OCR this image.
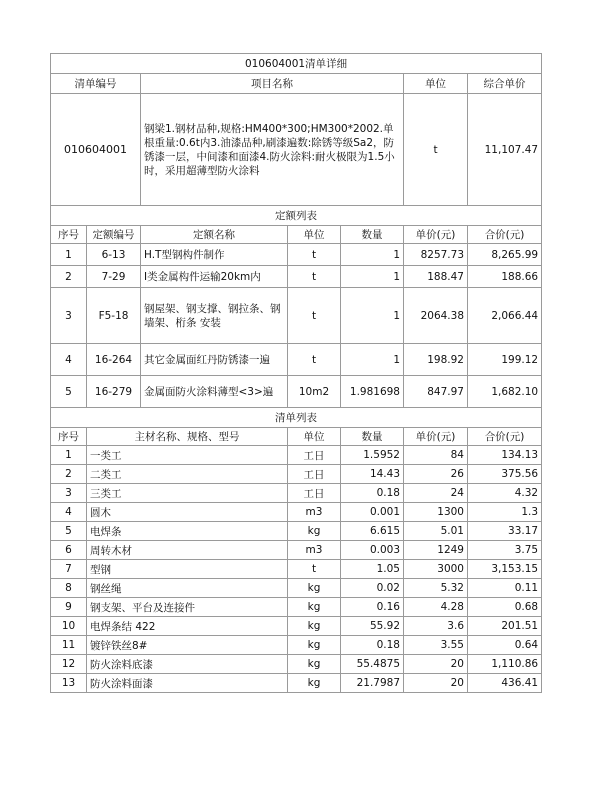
010604001清单详细						
清单编号		项目名称			单位	综合单价
010604001		钢梁1.钢材品种,规格:HM400*300;HM300*2002.单根重量:0.6t内3.油漆品种,刷漆遍数:除锈等级Sa2，防锈漆一层，中间漆和面漆4.防火涂料:耐火极限为1.5小时，采用超薄型防火涂料			t	11,107.47
定额列表						
序号	定额编号	定额名称	单位	数量	单价(元)	合价(元)
1	6-13	H.T型钢构件制作	t	1	8257.73	8,265.99
2	7-29	Ⅰ类金属构件运输20km内	t	1	188.47	188.66
3	F5-18	钢屋架、钢支撑、钢拉条、钢墙架、桁条 安装	t	1	2064.38	2,066.44
4	16-264	其它金属面红丹防锈漆一遍	t	1	198.92	199.12
5	16-279	金属面防火涂料薄型<3>遍	10m2	1.981698	847.97	1,682.10
清单列表						
序号	主材名称、规格、型号		单位	数量	单价(元)	合价(元)
1	一类工		工日	1.5952	84	134.13
2	二类工		工日	14.43	26	375.56
3	三类工		工日	0.18	24	4.32
4	圆木		m3	0.001	1300	1.3
5	电焊条		kg	6.615	5.01	33.17
6	周转木材		m3	0.003	1249	3.75
7	型钢		t	1.05	3000	3,153.15
8	钢丝绳		kg	0.02	5.32	0.11
9	钢支架、平台及连接件		kg	0.16	4.28	0.68
10	电焊条结 422		kg	55.92	3.6	201.51
11	镀锌铁丝8#		kg	0.18	3.55	0.64
12	防火涂料底漆		kg	55.4875	20	1,110.86
13	防火涂料面漆		kg	21.7987	20	436.41
